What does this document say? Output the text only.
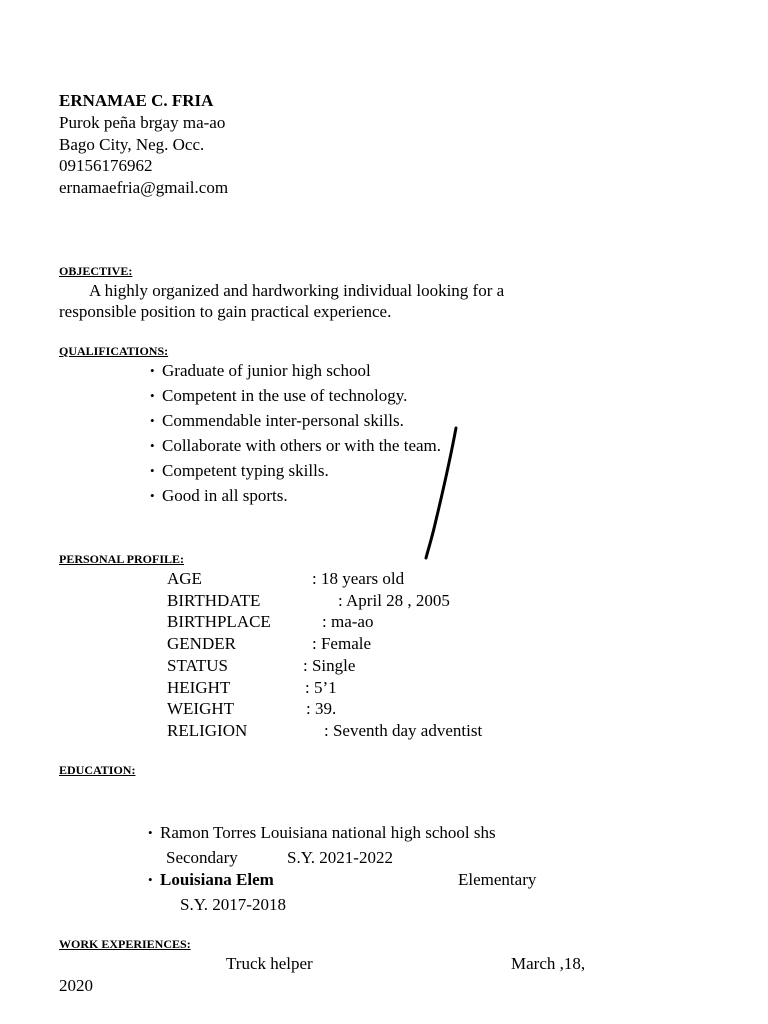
ERNAMAE C. FRIA
Purok peña brgay ma-ao
Bago City, Neg. Occ.
09156176962
ernamaefria@gmail.com
OBJECTIVE:
A highly organized and hardworking individual looking for a
responsible position to gain practical experience.
QUALIFICATIONS:
• Graduate of junior high school
• Competent in the use of technology.
• Commendable inter-personal skills.
• Collaborate with others or with the team.
• Competent typing skills.
• Good in all sports.
PERSONAL PROFILE:
AGE	: 18 years old
BIRTHDATE	: April 28 , 2005
BIRTHPLACE	: ma-ao
GENDER	: Female
STATUS	: Single
HEIGHT	: 5’1
WEIGHT	: 39.
RELIGION	: Seventh day adventist
EDUCATION:
• Ramon Torres Louisiana national high school shs
Secondary	S.Y. 2021-2022
• Louisiana Elem	Elementary
S.Y. 2017-2018
WORK EXPERIENCES:
Truck helper	March ,18,
2020
